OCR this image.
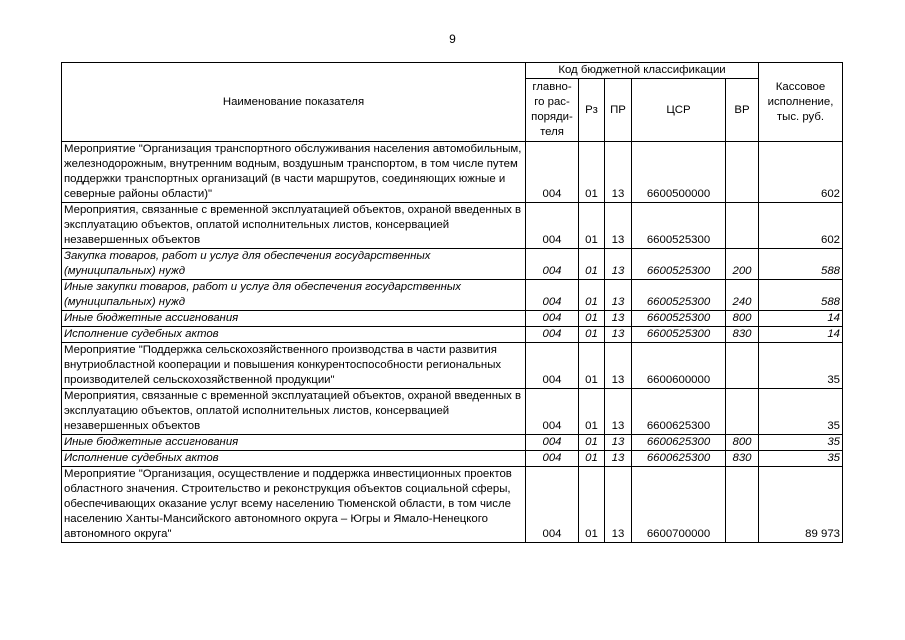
9
Наименование показателя	Код бюджетной классификации					Кассовое исполнение, тыс. руб.
	главно-го рас-поряди-теля	Рз	ПР	ЦСР	ВР	
Мероприятие "Организация транспортного обслуживания населения автомобильным, железнодорожным, внутренним водным, воздушным транспортом, в том числе путем поддержки транспортных организаций (в части маршрутов, соединяющих южные и северные районы области)"	004	01	13	6600500000		602
Мероприятия, связанные с временной эксплуатацией объектов, охраной введенных в эксплуатацию объектов, оплатой исполнительных листов, консервацией незавершенных объектов	004	01	13	6600525300		602
Закупка товаров, работ и услуг для обеспечения государственных (муниципальных) нужд	004	01	13	6600525300	200	588
Иные закупки товаров, работ и услуг для обеспечения государственных (муниципальных) нужд	004	01	13	6600525300	240	588
Иные бюджетные ассигнования	004	01	13	6600525300	800	14
Исполнение судебных актов	004	01	13	6600525300	830	14
Мероприятие "Поддержка сельскохозяйственного производства в части развития внутриобластной кооперации и повышения конкурентоспособности региональных производителей сельскохозяйственной продукции"	004	01	13	6600600000		35
Мероприятия, связанные с временной эксплуатацией объектов, охраной введенных в эксплуатацию объектов, оплатой исполнительных листов, консервацией незавершенных объектов	004	01	13	6600625300		35
Иные бюджетные ассигнования	004	01	13	6600625300	800	35
Исполнение судебных актов	004	01	13	6600625300	830	35
Мероприятие "Организация, осуществление и поддержка инвестиционных проектов областного значения. Строительство и реконструкция объектов социальной сферы, обеспечивающих оказание услуг всему населению Тюменской области, в том числе населению Ханты-Мансийского автономного округа – Югры и Ямало-Ненецкого автономного округа"	004	01	13	6600700000		89 973
